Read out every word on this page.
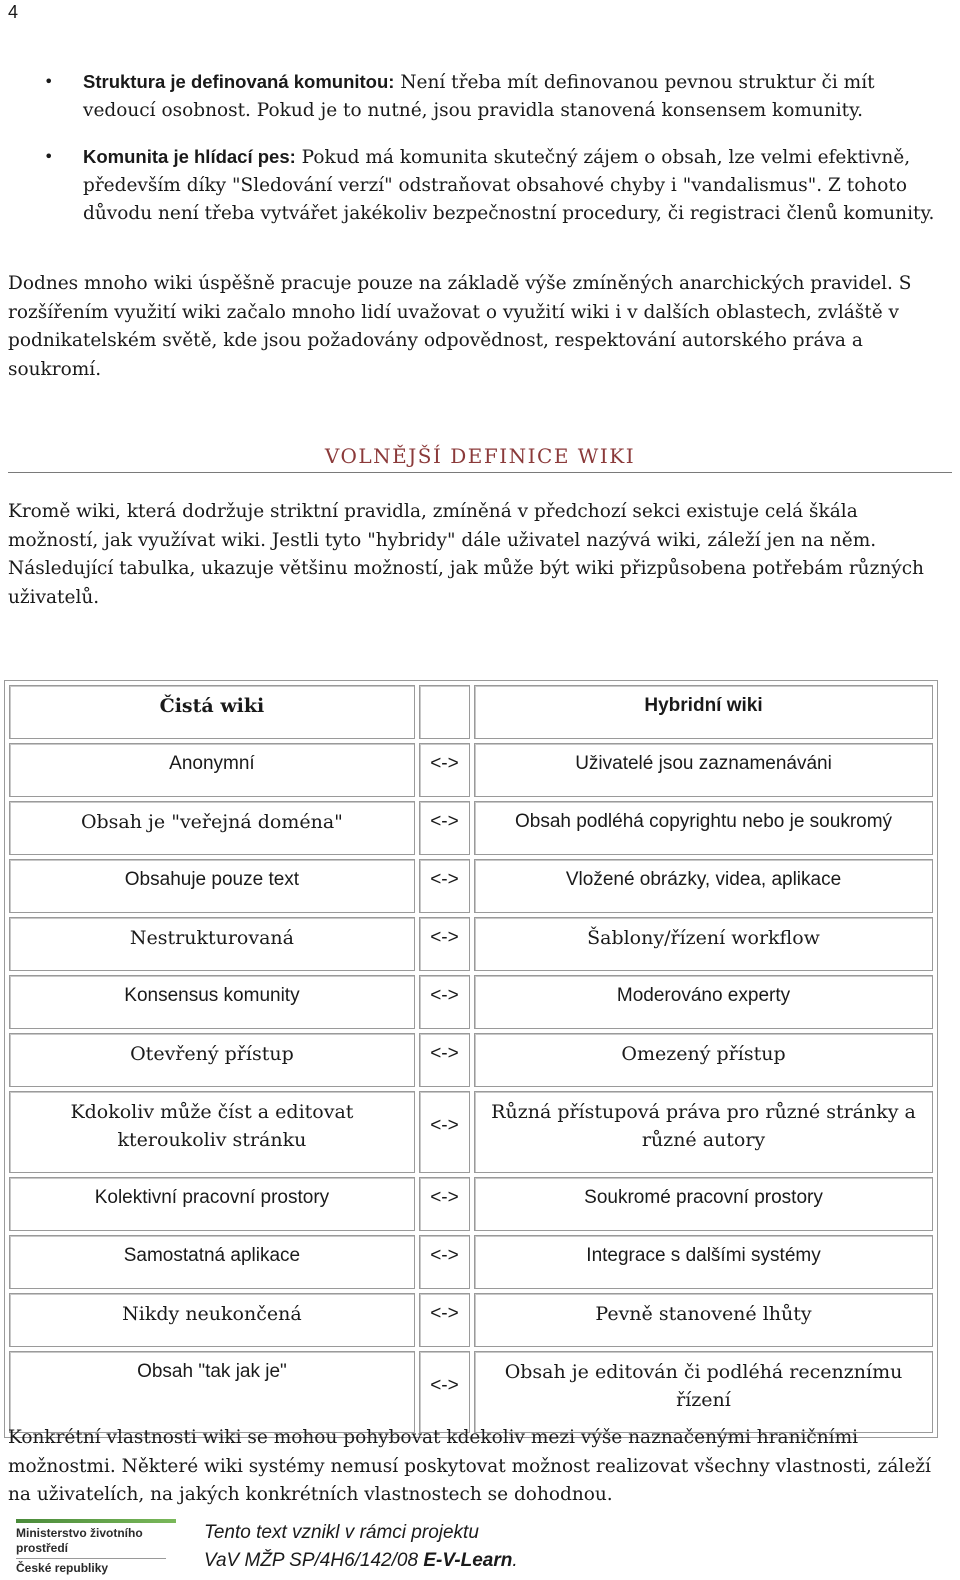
4
• Struktura je definovaná komunitou: Není třeba mít definovanou pevnou struktur či mít vedoucí osobnost. Pokud je to nutné, jsou pravidla stanovená konsensem komunity.
• Komunita je hlídací pes: Pokud má komunita skutečný zájem o obsah, lze velmi efektivně, především díky "Sledování verzí" odstraňovat obsahové chyby i "vandalismus". Z tohoto důvodu není třeba vytvářet jakékoliv bezpečnostní procedury, či registraci členů komunity.

Dodnes mnoho wiki úspěšně pracuje pouze na základě výše zmíněných anarchických pravidel. S rozšířením využití wiki začalo mnoho lidí uvažovat o využití wiki i v dalších oblastech, zvláště v podnikatelském světě, kde jsou požadovány odpovědnost, respektování autorského práva a soukromí.

VOLNĚJŠÍ DEFINICE WIKI

Kromě wiki, která dodržuje striktní pravidla, zmíněná v předchozí sekci existuje celá škála možností, jak využívat wiki. Jestli tyto "hybridy" dále uživatel nazývá wiki, záleží jen na něm. Následující tabulka, ukazuje většinu možností, jak může být wiki přizpůsobena potřebám různých uživatelů.

Čistá wiki		Hybridní wiki
Anonymní	<->	Uživatelé jsou zaznamenáváni
Obsah je "veřejná doména"	<->	Obsah podléhá copyrightu nebo je soukromý
Obsahuje pouze text	<->	Vložené obrázky, videa, aplikace
Nestrukturovaná	<->	Šablony/řízení workflow
Konsensus komunity	<->	Moderováno experty
Otevřený přístup	<->	Omezený přístup
Kdokoliv může číst a editovat kteroukoliv stránku	<->	Různá přístupová práva pro různé stránky a různé autory
Kolektivní pracovní prostory	<->	Soukromé pracovní prostory
Samostatná aplikace	<->	Integrace s dalšími systémy
Nikdy neukončená	<->	Pevně stanovené lhůty
Obsah "tak jak je"	<->	Obsah je editován či podléhá recenznímu řízení

Konkrétní vlastnosti wiki se mohou pohybovat kdekoliv mezi výše naznačenými hraničními možnostmi. Některé wiki systémy nemusí poskytovat možnost realizovat všechny vlastnosti, záleží na uživatelích, na jakých konkrétních vlastnostech se dohodnou.

Ministerstvo životního prostředí
České republiky
Tento text vznikl v rámci projektu
VaV MŽP SP/4H6/142/08 E-V-Learn.
